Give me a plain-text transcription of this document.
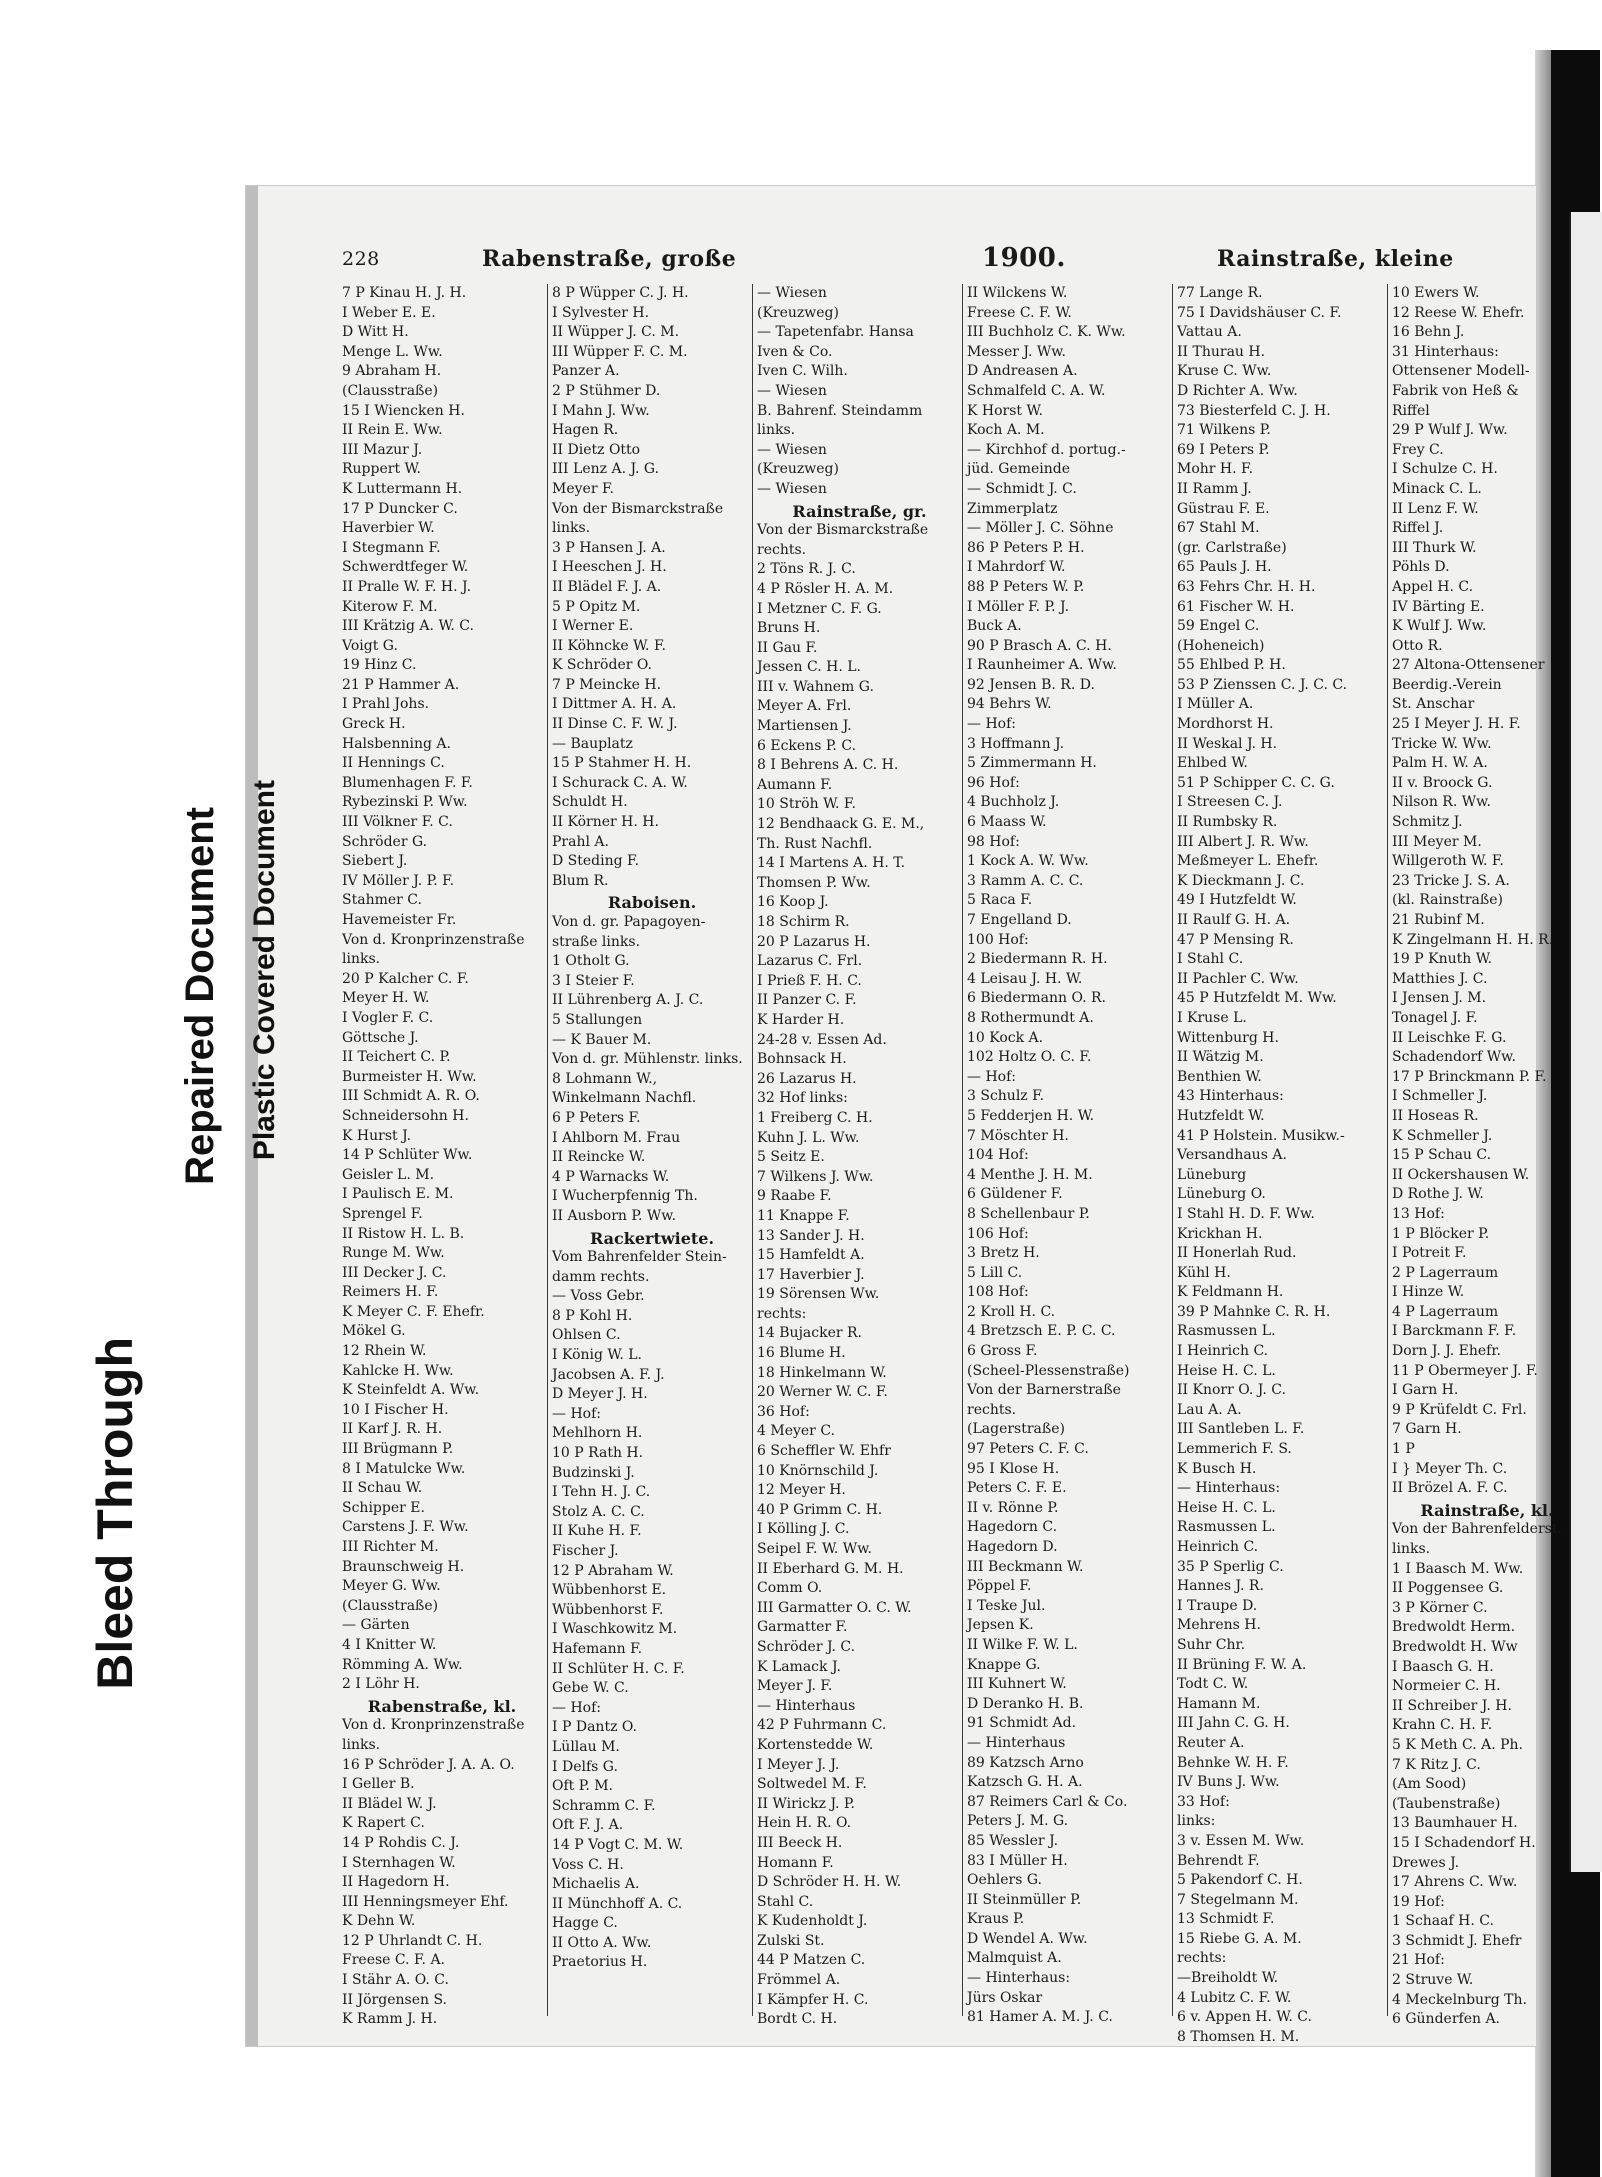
228	Rabenstraße, große	1900.	Rainstraße, kleine
7 P Kinau H. J. H.
I Weber E. E.
D Witt H.
Menge L. Ww.
9 Abraham H.
(Clausstraße)
15 I Wiencken H.
II Rein E. Ww.
III Mazur J.
Ruppert W.
K Luttermann H.
17 P Duncker C.
Haverbier W.
I Stegmann F.
Schwerdtfeger W.
II Pralle W. F. H. J.
Kiterow F. M.
III Krätzig A. W. C.
Voigt G.
19 Hinz C.
21 P Hammer A.
I Prahl Johs.
Greck H.
Halsbenning A.
II Hennings C.
Blumenhagen F. F.
Rybezinski P. Ww.
III Völkner F. C.
Schröder G.
Siebert J.
IV Möller J. P. F.
Stahmer C.
Havemeister Fr.
Von d. Kronprinzenstraße
links.
20 P Kalcher C. F.
Meyer H. W.
I Vogler F. C.
Göttsche J.
II Teichert C. P.
Burmeister H. Ww.
III Schmidt A. R. O.
Schneidersohn H.
K Hurst J.
14 P Schlüter Ww.
Geisler L. M.
I Paulisch E. M.
Sprengel F.
II Ristow H. L. B.
Runge M. Ww.
III Decker J. C.
Reimers H. F.
K Meyer C. F. Ehefr.
Mökel G.
12 Rhein W.
Kahlcke H. Ww.
K Steinfeldt A. Ww.
10 I Fischer H.
II Karf J. R. H.
III Brügmann P.
8 I Matulcke Ww.
II Schau W.
Schipper E.
Carstens J. F. Ww.
III Richter M.
Braunschweig H.
Meyer G. Ww.
(Clausstraße)
— Gärten
4 I Knitter W.
Römming A. Ww.
2 I Löhr H.
Rabenstraße, kl.
Von d. Kronprinzenstraße
links.
16 P Schröder J. A. A. O.
I Geller B.
II Blädel W. J.
K Rapert C.
14 P Rohdis C. J.
I Sternhagen W.
II Hagedorn H.
III Henningsmeyer Ehf.
K Dehn W.
12 P Uhrlandt C. H.
Freese C. F. A.
I Stähr A. O. C.
II Jörgensen S.
K Ramm J. H.
8 P Wüpper C. J. H.
I Sylvester H.
II Wüpper J. C. M.
III Wüpper F. C. M.
Panzer A.
2 P Stühmer D.
I Mahn J. Ww.
Hagen R.
II Dietz Otto
III Lenz A. J. G.
Meyer F.
Von der Bismarckstraße
links.
3 P Hansen J. A.
I Heeschen J. H.
II Blädel F. J. A.
5 P Opitz M.
I Werner E.
II Köhncke W. F.
K Schröder O.
7 P Meincke H.
I Dittmer A. H. A.
II Dinse C. F. W. J.
— Bauplatz
15 P Stahmer H. H.
I Schurack C. A. W.
Schuldt H.
II Körner H. H.
Prahl A.
D Steding F.
Blum R.
Raboisen.
Von d. gr. Papagoyen-
straße links.
1 Otholt G.
3 I Steier F.
II Lührenberg A. J. C.
5 Stallungen
— K Bauer M.
Von d. gr. Mühlenstr. links.
8 Lohmann W.,
Winkelmann Nachfl.
6 P Peters F.
I Ahlborn M. Frau
II Reincke W.
4 P Warnacks W.
I Wucherpfennig Th.
II Ausborn P. Ww.
Rackertwiete.
Vom Bahrenfelder Stein-
damm rechts.
— Voss Gebr.
8 P Kohl H.
Ohlsen C.
I König W. L.
Jacobsen A. F. J.
D Meyer J. H.
— Hof:
Mehlhorn H.
10 P Rath H.
Budzinski J.
I Tehn H. J. C.
Stolz A. C. C.
II Kuhe H. F.
Fischer J.
12 P Abraham W.
Wübbenhorst E.
Wübbenhorst F.
I Waschkowitz M.
Hafemann F.
II Schlüter H. C. F.
Gebe W. C.
— Hof:
I P Dantz O.
Lüllau M.
I Delfs G.
Oft P. M.
Schramm C. F.
Oft F. J. A.
14 P Vogt C. M. W.
Voss C. H.
Michaelis A.
II Münchhoff A. C.
Hagge C.
II Otto A. Ww.
Praetorius H.
— Wiesen
(Kreuzweg)
— Tapetenfabr. Hansa
Iven & Co.
Iven C. Wilh.
— Wiesen
B. Bahrenf. Steindamm
links.
— Wiesen
(Kreuzweg)
— Wiesen
Rainstraße, gr.
Von der Bismarckstraße
rechts.
2 Töns R. J. C.
4 P Rösler H. A. M.
I Metzner C. F. G.
Bruns H.
II Gau F.
Jessen C. H. L.
III v. Wahnem G.
Meyer A. Frl.
Martiensen J.
6 Eckens P. C.
8 I Behrens A. C. H.
Aumann F.
10 Ströh W. F.
12 Bendhaack G. E. M.,
Th. Rust Nachfl.
14 I Martens A. H. T.
Thomsen P. Ww.
16 Koop J.
18 Schirm R.
20 P Lazarus H.
Lazarus C. Frl.
I Prieß F. H. C.
II Panzer C. F.
K Harder H.
24-28 v. Essen Ad.
Bohnsack H.
26 Lazarus H.
32 Hof links:
1 Freiberg C. H.
Kuhn J. L. Ww.
5 Seitz E.
7 Wilkens J. Ww.
9 Raabe F.
11 Knappe F.
13 Sander J. H.
15 Hamfeldt A.
17 Haverbier J.
19 Sörensen Ww.
rechts:
14 Bujacker R.
16 Blume H.
18 Hinkelmann W.
20 Werner W. C. F.
36 Hof:
4 Meyer C.
6 Scheffler W. Ehfr
10 Knörnschild J.
12 Meyer H.
40 P Grimm C. H.
I Kölling J. C.
Seipel F. W. Ww.
II Eberhard G. M. H.
Comm O.
III Garmatter O. C. W.
Garmatter F.
Schröder J. C.
K Lamack J.
Meyer J. F.
— Hinterhaus
42 P Fuhrmann C.
Kortenstedde W.
I Meyer J. J.
Soltwedel M. F.
II Wirickz J. P.
Hein H. R. O.
III Beeck H.
Homann F.
D Schröder H. H. W.
Stahl C.
K Kudenholdt J.
Zulski St.
44 P Matzen C.
Frömmel A.
I Kämpfer H. C.
Bordt C. H.
II Wilckens W.
Freese C. F. W.
III Buchholz C. K. Ww.
Messer J. Ww.
D Andreasen A.
Schmalfeld C. A. W.
K Horst W.
Koch A. M.
— Kirchhof d. portug.-
jüd. Gemeinde
— Schmidt J. C.
Zimmerplatz
— Möller J. C. Söhne
86 P Peters P. H.
I Mahrdorf W.
88 P Peters W. P.
I Möller F. P. J.
Buck A.
90 P Brasch A. C. H.
I Raunheimer A. Ww.
92 Jensen B. R. D.
94 Behrs W.
— Hof:
3 Hoffmann J.
5 Zimmermann H.
96 Hof:
4 Buchholz J.
6 Maass W.
98 Hof:
1 Kock A. W. Ww.
3 Ramm A. C. C.
5 Raca F.
7 Engelland D.
100 Hof:
2 Biedermann R. H.
4 Leisau J. H. W.
6 Biedermann O. R.
8 Rothermundt A.
10 Kock A.
102 Holtz O. C. F.
— Hof:
3 Schulz F.
5 Fedderjen H. W.
7 Möschter H.
104 Hof:
4 Menthe J. H. M.
6 Güldener F.
8 Schellenbaur P.
106 Hof:
3 Bretz H.
5 Lill C.
108 Hof:
2 Kroll H. C.
4 Bretzsch E. P. C. C.
6 Gross F.
(Scheel-Plessenstraße)
Von der Barnerstraße
rechts.
(Lagerstraße)
97 Peters C. F. C.
95 I Klose H.
Peters C. F. E.
II v. Rönne P.
Hagedorn C.
Hagedorn D.
III Beckmann W.
Pöppel F.
I Teske Jul.
Jepsen K.
II Wilke F. W. L.
Knappe G.
III Kuhnert W.
D Deranko H. B.
91 Schmidt Ad.
— Hinterhaus
89 Katzsch Arno
Katzsch G. H. A.
87 Reimers Carl & Co.
Peters J. M. G.
85 Wessler J.
83 I Müller H.
Oehlers G.
II Steinmüller P.
Kraus P.
D Wendel A. Ww.
Malmquist A.
— Hinterhaus:
Jürs Oskar
81 Hamer A. M. J. C.
77 Lange R.
75 I Davidshäuser C. F.
Vattau A.
II Thurau H.
Kruse C. Ww.
D Richter A. Ww.
73 Biesterfeld C. J. H.
71 Wilkens P.
69 I Peters P.
Mohr H. F.
II Ramm J.
Güstrau F. E.
67 Stahl M.
(gr. Carlstraße)
65 Pauls J. H.
63 Fehrs Chr. H. H.
61 Fischer W. H.
59 Engel C.
(Hoheneich)
55 Ehlbed P. H.
53 P Zienssen C. J. C. C.
I Müller A.
Mordhorst H.
II Weskal J. H.
Ehlbed W.
51 P Schipper C. C. G.
I Streesen C. J.
II Rumbsky R.
III Albert J. R. Ww.
Meßmeyer L. Ehefr.
K Dieckmann J. C.
49 I Hutzfeldt W.
II Raulf G. H. A.
47 P Mensing R.
I Stahl C.
II Pachler C. Ww.
45 P Hutzfeldt M. Ww.
I Kruse L.
Wittenburg H.
II Wätzig M.
Benthien W.
43 Hinterhaus:
Hutzfeldt W.
41 P Holstein. Musikw.-
Versandhaus A.
Lüneburg
Lüneburg O.
I Stahl H. D. F. Ww.
Krickhan H.
II Honerlah Rud.
Kühl H.
K Feldmann H.
39 P Mahnke C. R. H.
Rasmussen L.
I Heinrich C.
Heise H. C. L.
II Knorr O. J. C.
Lau A. A.
III Santleben L. F.
Lemmerich F. S.
K Busch H.
— Hinterhaus:
Heise H. C. L.
Rasmussen L.
Heinrich C.
35 P Sperlig C.
Hannes J. R.
I Traupe D.
Mehrens H.
Suhr Chr.
II Brüning F. W. A.
Todt C. W.
Hamann M.
III Jahn C. G. H.
Reuter A.
Behnke W. H. F.
IV Buns J. Ww.
33 Hof:
links:
3 v. Essen M. Ww.
Behrendt F.
5 Pakendorf C. H.
7 Stegelmann M.
13 Schmidt F.
15 Riebe G. A. M.
rechts:
—Breiholdt W.
4 Lubitz C. F. W.
6 v. Appen H. W. C.
8 Thomsen H. M.
10 Ewers W.
12 Reese W. Ehefr.
16 Behn J.
31 Hinterhaus:
Ottensener Modell-
Fabrik von Heß &
Riffel
29 P Wulf J. Ww.
Frey C.
I Schulze C. H.
Minack C. L.
II Lenz F. W.
Riffel J.
III Thurk W.
Pöhls D.
Appel H. C.
IV Bärting E.
K Wulf J. Ww.
Otto R.
27 Altona-Ottensener
Beerdig.-Verein
St. Anschar
25 I Meyer J. H. F.
Tricke W. Ww.
Palm H. W. A.
II v. Broock G.
Nilson R. Ww.
Schmitz J.
III Meyer M.
Willgeroth W. F.
23 Tricke J. S. A.
(kl. Rainstraße)
21 Rubinf M.
K Zingelmann H. H. R.
19 P Knuth W.
Matthies J. C.
I Jensen J. M.
Tonagel J. F.
II Leischke F. G.
Schadendorf Ww.
17 P Brinckmann P. F.
I Schmeller J.
II Hoseas R.
K Schmeller J.
15 P Schau C.
II Ockershausen W.
D Rothe J. W.
13 Hof:
1 P Blöcker P.
I Potreit F.
2 P Lagerraum
I Hinze W.
4 P Lagerraum
I Barckmann F. F.
Dorn J. J. Ehefr.
11 P Obermeyer J. F.
I Garn H.
9 P Krüfeldt C. Frl.
7 Garn H.
1 P
I } Meyer Th. C.
II Brözel A. F. C.
Rainstraße, kl.
Von der Bahrenfelderst.
links.
1 I Baasch M. Ww.
II Poggensee G.
3 P Körner C.
Bredwoldt Herm.
Bredwoldt H. Ww
I Baasch G. H.
Normeier C. H.
II Schreiber J. H.
Krahn C. H. F.
5 K Meth C. A. Ph.
7 K Ritz J. C.
(Am Sood)
(Taubenstraße)
13 Baumhauer H.
15 I Schadendorf H.
Drewes J.
17 Ahrens C. Ww.
19 Hof:
1 Schaaf H. C.
3 Schmidt J. Ehefr
21 Hof:
2 Struve W.
4 Meckelnburg Th.
6 Günderfen A.
Bleed Through
Repaired Document Plastic Covered Document
